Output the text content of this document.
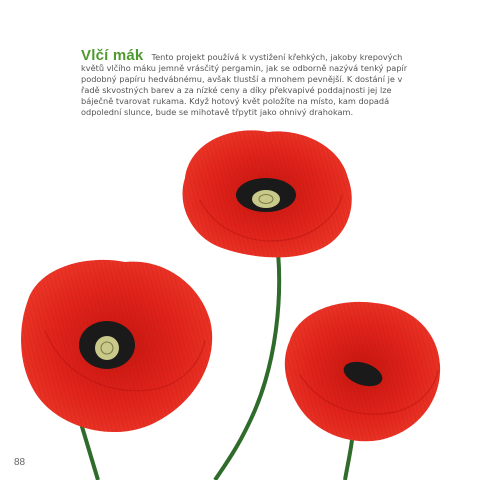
Vlčí mák Tento projekt používá k vystižení křehkých, jakoby krepových květů vlčího máku jemně vrásčitý pergamin, jak se odborně nazývá tenký papír podobný papíru hedvábnému, avšak tlustší a mnohem pevnější. K dostání je v řadě skvostných barev a za nízké ceny a díky překvapivé poddajnosti jej lze báječně tvarovat rukama. Když hotový květ položíte na místo, kam dopadá odpolední slunce, bude se mihotavě třpytit jako ohnivý drahokam.
88
